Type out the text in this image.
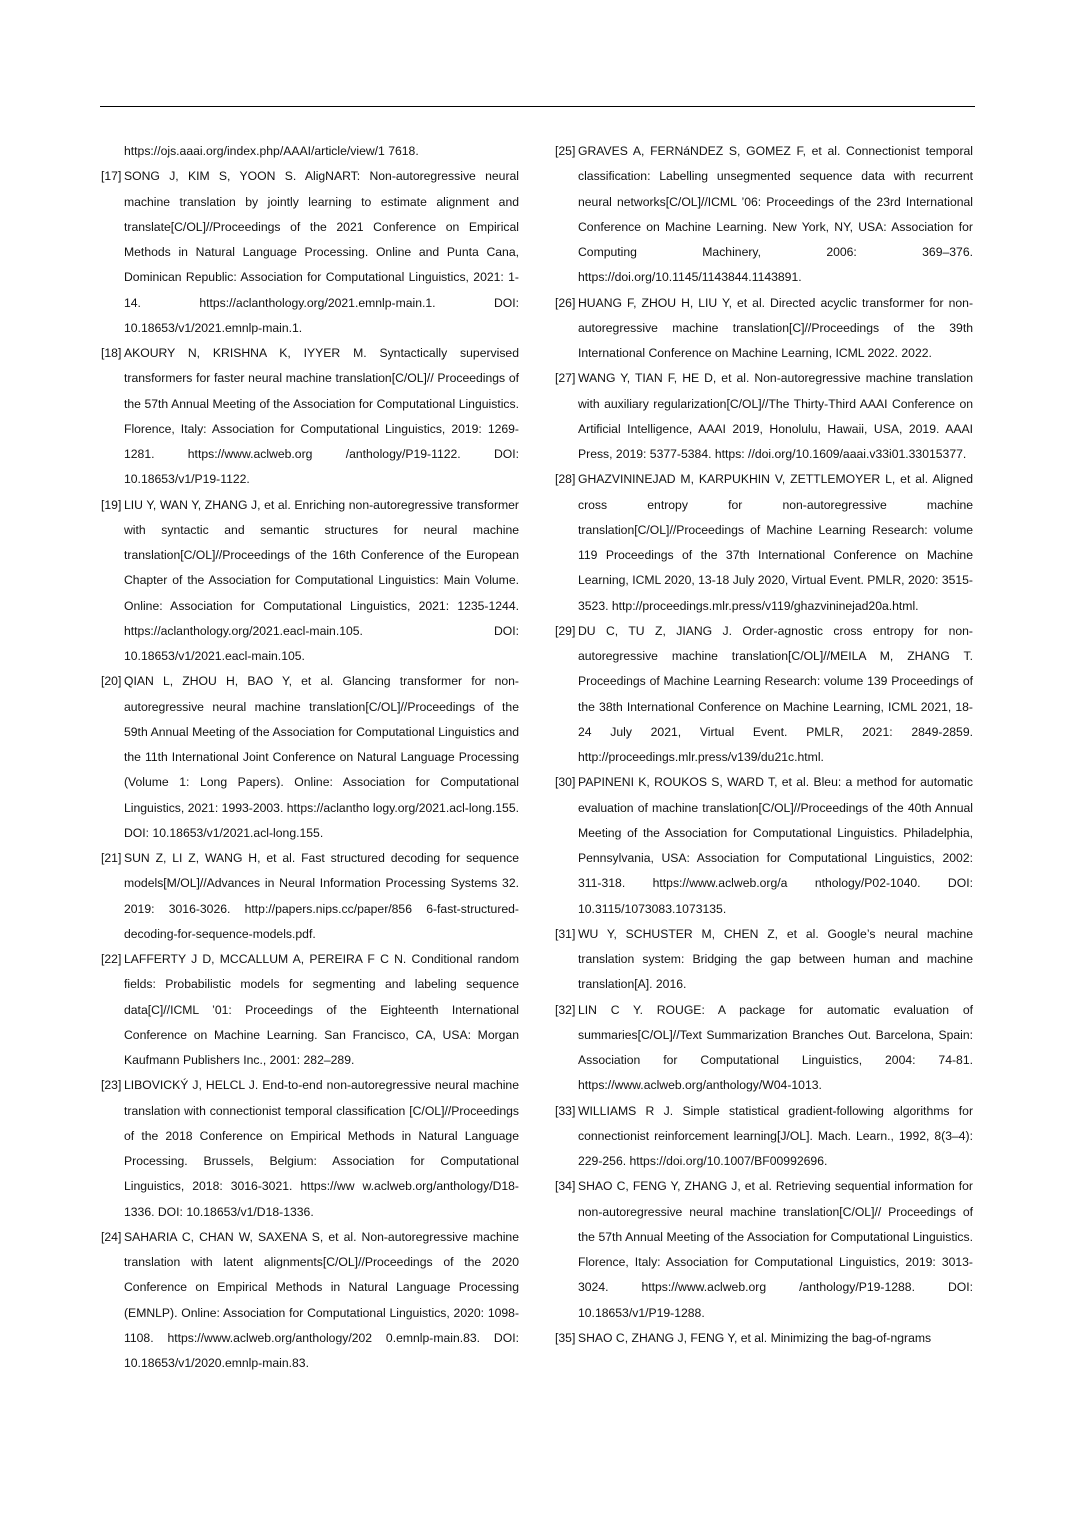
https://ojs.aaai.org/index.php/AAAI/article/view/1 7618.

[17] SONG J, KIM S, YOON S. AligNART: Non-autoregressive neural machine translation by jointly learning to estimate alignment and translate[C/OL]//Proceedings of the 2021 Conference on Empirical Methods in Natural Language Processing. Online and Punta Cana, Dominican Republic: Association for Computational Linguistics, 2021: 1-14. https://aclanthology.org/2021.emnlp-main.1. DOI: 10.18653/v1/2021.emnlp-main.1.

[18] AKOURY N, KRISHNA K, IYYER M. Syntactically supervised transformers for faster neural machine translation[C/OL]// Proceedings of the 57th Annual Meeting of the Association for Computational Linguistics. Florence, Italy: Association for Computational Linguistics, 2019: 1269-1281. https://www.aclweb.org /anthology/P19-1122. DOI: 10.18653/v1/P19-1122.

[19] LIU Y, WAN Y, ZHANG J, et al. Enriching non-autoregressive transformer with syntactic and semantic structures for neural machine translation[C/OL]//Proceedings of the 16th Conference of the European Chapter of the Association for Computational Linguistics: Main Volume. Online: Association for Computational Linguistics, 2021: 1235-1244. https://aclanthology.org/2021.eacl-main.105. DOI: 10.18653/v1/2021.eacl-main.105.

[20] QIAN L, ZHOU H, BAO Y, et al. Glancing transformer for non-autoregressive neural machine translation[C/OL]//Proceedings of the 59th Annual Meeting of the Association for Computational Linguistics and the 11th International Joint Conference on Natural Language Processing (Volume 1: Long Papers). Online: Association for Computational Linguistics, 2021: 1993-2003. https://aclantho logy.org/2021.acl-long.155. DOI: 10.18653/v1/2021.acl-long.155.

[21] SUN Z, LI Z, WANG H, et al. Fast structured decoding for sequence models[M/OL]//Advances in Neural Information Processing Systems 32. 2019: 3016-3026. http://papers.nips.cc/paper/856 6-fast-structured-decoding-for-sequence-models.pdf.

[22] LAFFERTY J D, MCCALLUM A, PEREIRA F C N. Conditional random fields: Probabilistic models for segmenting and labeling sequence data[C]//ICML ’01: Proceedings of the Eighteenth International Conference on Machine Learning. San Francisco, CA, USA: Morgan Kaufmann Publishers Inc., 2001: 282–289.

[23] LIBOVICKÝ J, HELCL J. End-to-end non-autoregressive neural machine translation with connectionist temporal classification [C/OL]//Proceedings of the 2018 Conference on Empirical Methods in Natural Language Processing. Brussels, Belgium: Association for Computational Linguistics, 2018: 3016-3021. https://ww w.aclweb.org/anthology/D18-1336. DOI: 10.18653/v1/D18-1336.

[24] SAHARIA C, CHAN W, SAXENA S, et al. Non-autoregressive machine translation with latent alignments[C/OL]//Proceedings of the 2020 Conference on Empirical Methods in Natural Language Processing (EMNLP). Online: Association for Computational Linguistics, 2020: 1098-1108. https://www.aclweb.org/anthology/202 0.emnlp-main.83. DOI: 10.18653/v1/2020.emnlp-main.83.

[25] GRAVES A, FERNáNDEZ S, GOMEZ F, et al. Connectionist temporal classification: Labelling unsegmented sequence data with recurrent neural networks[C/OL]//ICML ’06: Proceedings of the 23rd International Conference on Machine Learning. New York, NY, USA: Association for Computing Machinery, 2006: 369–376. https://doi.org/10.1145/1143844.1143891.

[26] HUANG F, ZHOU H, LIU Y, et al. Directed acyclic transformer for non-autoregressive machine translation[C]//Proceedings of the 39th International Conference on Machine Learning, ICML 2022. 2022.

[27] WANG Y, TIAN F, HE D, et al. Non-autoregressive machine translation with auxiliary regularization[C/OL]//The Thirty-Third AAAI Conference on Artificial Intelligence, AAAI 2019, Honolulu, Hawaii, USA, 2019. AAAI Press, 2019: 5377-5384. https: //doi.org/10.1609/aaai.v33i01.33015377.

[28] GHAZVININEJAD M, KARPUKHIN V, ZETTLEMOYER L, et al. Aligned cross entropy for non-autoregressive machine translation[C/OL]//Proceedings of Machine Learning Research: volume 119 Proceedings of the 37th International Conference on Machine Learning, ICML 2020, 13-18 July 2020, Virtual Event. PMLR, 2020: 3515-3523. http://proceedings.mlr.press/v119/ghazvininejad20a.html.

[29] DU C, TU Z, JIANG J. Order-agnostic cross entropy for non-autoregressive machine translation[C/OL]//MEILA M, ZHANG T. Proceedings of Machine Learning Research: volume 139 Proceedings of the 38th International Conference on Machine Learning, ICML 2021, 18-24 July 2021, Virtual Event. PMLR, 2021: 2849-2859. http://proceedings.mlr.press/v139/du21c.html.

[30] PAPINENI K, ROUKOS S, WARD T, et al. Bleu: a method for automatic evaluation of machine translation[C/OL]//Proceedings of the 40th Annual Meeting of the Association for Computational Linguistics. Philadelphia, Pennsylvania, USA: Association for Computational Linguistics, 2002: 311-318. https://www.aclweb.org/a nthology/P02-1040. DOI: 10.3115/1073083.1073135.

[31] WU Y, SCHUSTER M, CHEN Z, et al. Google’s neural machine translation system: Bridging the gap between human and machine translation[A]. 2016.

[32] LIN C Y. ROUGE: A package for automatic evaluation of summaries[C/OL]//Text Summarization Branches Out. Barcelona, Spain: Association for Computational Linguistics, 2004: 74-81. https://www.aclweb.org/anthology/W04-1013.

[33] WILLIAMS R J. Simple statistical gradient-following algorithms for connectionist reinforcement learning[J/OL]. Mach. Learn., 1992, 8(3–4): 229-256. https://doi.org/10.1007/BF00992696.

[34] SHAO C, FENG Y, ZHANG J, et al. Retrieving sequential information for non-autoregressive neural machine translation[C/OL]// Proceedings of the 57th Annual Meeting of the Association for Computational Linguistics. Florence, Italy: Association for Computational Linguistics, 2019: 3013-3024. https://www.aclweb.org /anthology/P19-1288. DOI: 10.18653/v1/P19-1288.

[35] SHAO C, ZHANG J, FENG Y, et al. Minimizing the bag-of-ngrams
